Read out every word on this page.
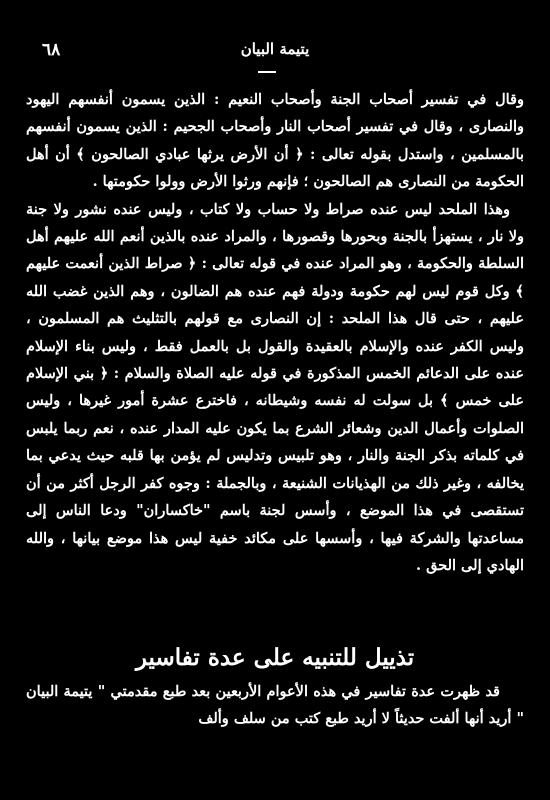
٦٨	يتيمة البيان

وقال في تفسير أصحاب الجنة وأصحاب النعيم : الذين يسمون أنفسهم اليهود والنصارى ، وقال في تفسير أصحاب النار وأصحاب الجحيم : الذين يسمون أنفسهم بالمسلمين ، واستدل بقوله تعالى : ﴿ أن الأرض يرثها عبادي الصالحون ﴾ أن أهل الحكومة من النصارى هم الصالحون ؛ فإنهم ورثوا الأرض وولوا حكومتها .

وهذا الملحد ليس عنده صراط ولا حساب ولا كتاب ، وليس عنده نشور ولا جنة ولا نار ، يستهزأ بالجنة وبحورها وقصورها ، والمراد عنده بالذين أنعم الله عليهم أهل السلطة والحكومة ، وهو المراد عنده في قوله تعالى : ﴿ صراط الذين أنعمت عليهم ﴾ وكل قوم ليس لهم حكومة ودولة فهم عنده هم الضالون ، وهم الذين غضب الله عليهم ، حتى قال هذا الملحد : إن النصارى مع قولهم بالتثليث هم المسلمون ، وليس الكفر عنده والإسلام بالعقيدة والقول بل بالعمل فقط ، وليس بناء الإسلام عنده على الدعائم الخمس المذكورة في قوله عليه الصلاة والسلام : ﴿ بني الإسلام على خمس ﴾ بل سولت له نفسه وشيطانه ، فاخترع عشرة أمور غيرها ، وليس الصلوات وأعمال الدين وشعائر الشرع بما يكون عليه المدار عنده ، نعم ربما يلبس في كلماته بذكر الجنة والنار ، وهو تلبيس وتدليس لم يؤمن بها قلبه حيث يدعي بما يخالفه ، وغير ذلك من الهذيانات الشنيعة ، وبالجملة : وجوه كفر الرجل أكثر من أن تستقصى في هذا الموضع ، وأسس لجنة باسم "خاكساران" ودعا الناس إلى مساعدتها والشركة فيها ، وأسسها على مكائد خفية ليس هذا موضع بيانها ، والله الهادي إلى الحق .

تذييل للتنبيه على عدة تفاسير

قد ظهرت عدة تفاسير في هذه الأعوام الأربعين بعد طبع مقدمتي " يتيمة البيان " أريد أنها ألفت حديثاً لا أريد طبع كتب من سلف وألف
